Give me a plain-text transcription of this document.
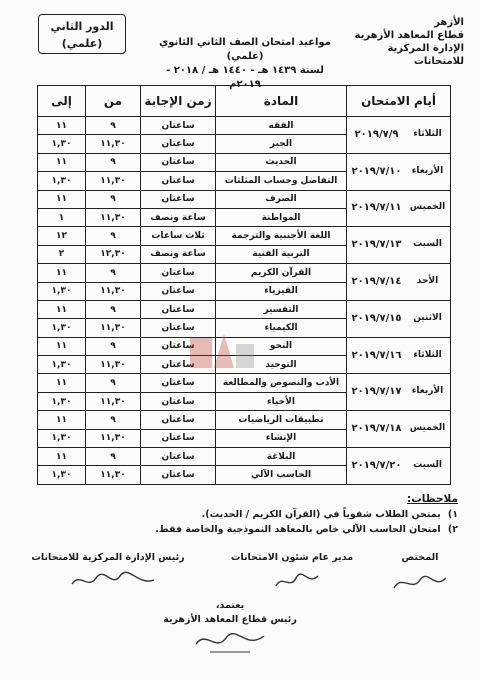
الأزهر
قطاع المعاهد الأزهرية
الإدارة المركزية للامتحانات
مواعيد امتحان الصف الثاني الثانوي (علمي)
لسنة ١٤٣٩ هـ - ١٤٤٠ هـ / ٢٠١٨ - ٢٠١٩م
الدور الثاني
(علمي)
أيام الامتحان	المادة	زمن الإجابة	من	إلى
الثلاثاء٢٠١٩/٧/٩	الفقه	ساعتان	٩	١١
	الجبر	ساعتان	١١,٣٠	١,٣٠
الأربعاء٢٠١٩/٧/١٠	الحديث	ساعتان	٩	١١
	التفاضل وحساب المثلثات	ساعتان	١١,٣٠	١,٣٠
الخميس٢٠١٩/٧/١١	الصرف	ساعتان	٩	١١
	المواطنة	ساعة ونصف	١١,٣٠	١
السبت٢٠١٩/٧/١٣	اللغة الأجنبية والترجمة	ثلاث ساعات	٩	١٢
	التربية الفنية	ساعة ونصف	١٢,٣٠	٢
الأحد٢٠١٩/٧/١٤	القرآن الكريم	ساعتان	٩	١١
	الفيزياء	ساعتان	١١,٣٠	١,٣٠
الاثنين٢٠١٩/٧/١٥	التفسير	ساعتان	٩	١١
	الكيمياء	ساعتان	١١,٣٠	١,٣٠
الثلاثاء٢٠١٩/٧/١٦	النحو	ساعتان	٩	١١
	التوحيد	ساعتان	١١,٣٠	١,٣٠
الأربعاء٢٠١٩/٧/١٧	الأدب والنصوص والمطالعة	ساعتان	٩	١١
	الأحياء	ساعتان	١١,٣٠	١,٣٠
الخميس٢٠١٩/٧/١٨	تطبيقات الرياضيات	ساعتان	٩	١١
	الإنشاء	ساعتان	١١,٣٠	١,٣٠
السبت٢٠١٩/٧/٢٠	البلاغة	ساعتان	٩	١١
	الحاسب الآلي	ساعتان	١١,٣٠	١,٣٠
ملاحظات:
١) يمتحن الطلاب شفوياً في (القرآن الكريم / الحديث).
٢) امتحان الحاسب الآلي خاص بالمعاهد النموذجية والخاصة فقط.
رئيس الإدارة المركزية للامتحانات	مدير عام شئون الامتحانات	المختص
يعتمد،
رئيس قطاع المعاهد الأزهرية
